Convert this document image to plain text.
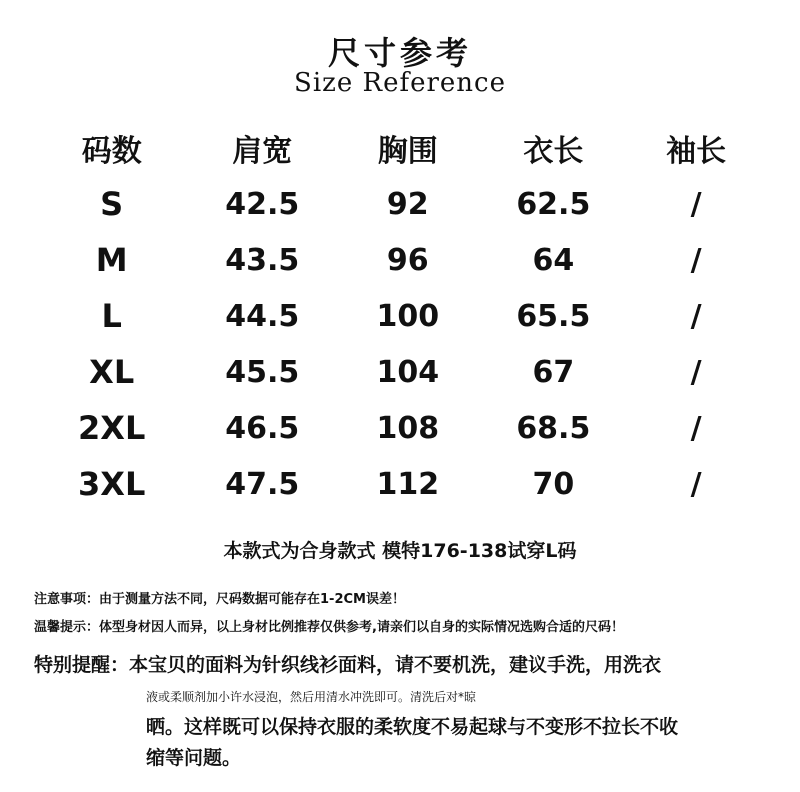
尺寸参考
Size Reference
码数	肩宽	胸围	衣长	袖长
S	42.5	92	62.5	/
M	43.5	96	64	/
L	44.5	100	65.5	/
XL	45.5	104	67	/
2XL	46.5	108	68.5	/
3XL	47.5	112	70	/
本款式为合身款式 模特176-138试穿L码
注意事项：由于测量方法不同，尺码数据可能存在1-2CM误差！
温馨提示：体型身材因人而异，以上身材比例推荐仅供参考,请亲们以自身的实际情况选购合适的尺码！
特别提醒：本宝贝的面料为针织线衫面料，请不要机洗，建议手洗，用洗衣
液或柔顺剂加小许水浸泡，然后用清水冲洗即可。清洗后对*晾
晒。这样既可以保持衣服的柔软度不易起球与不变形不拉长不收
缩等问题。
